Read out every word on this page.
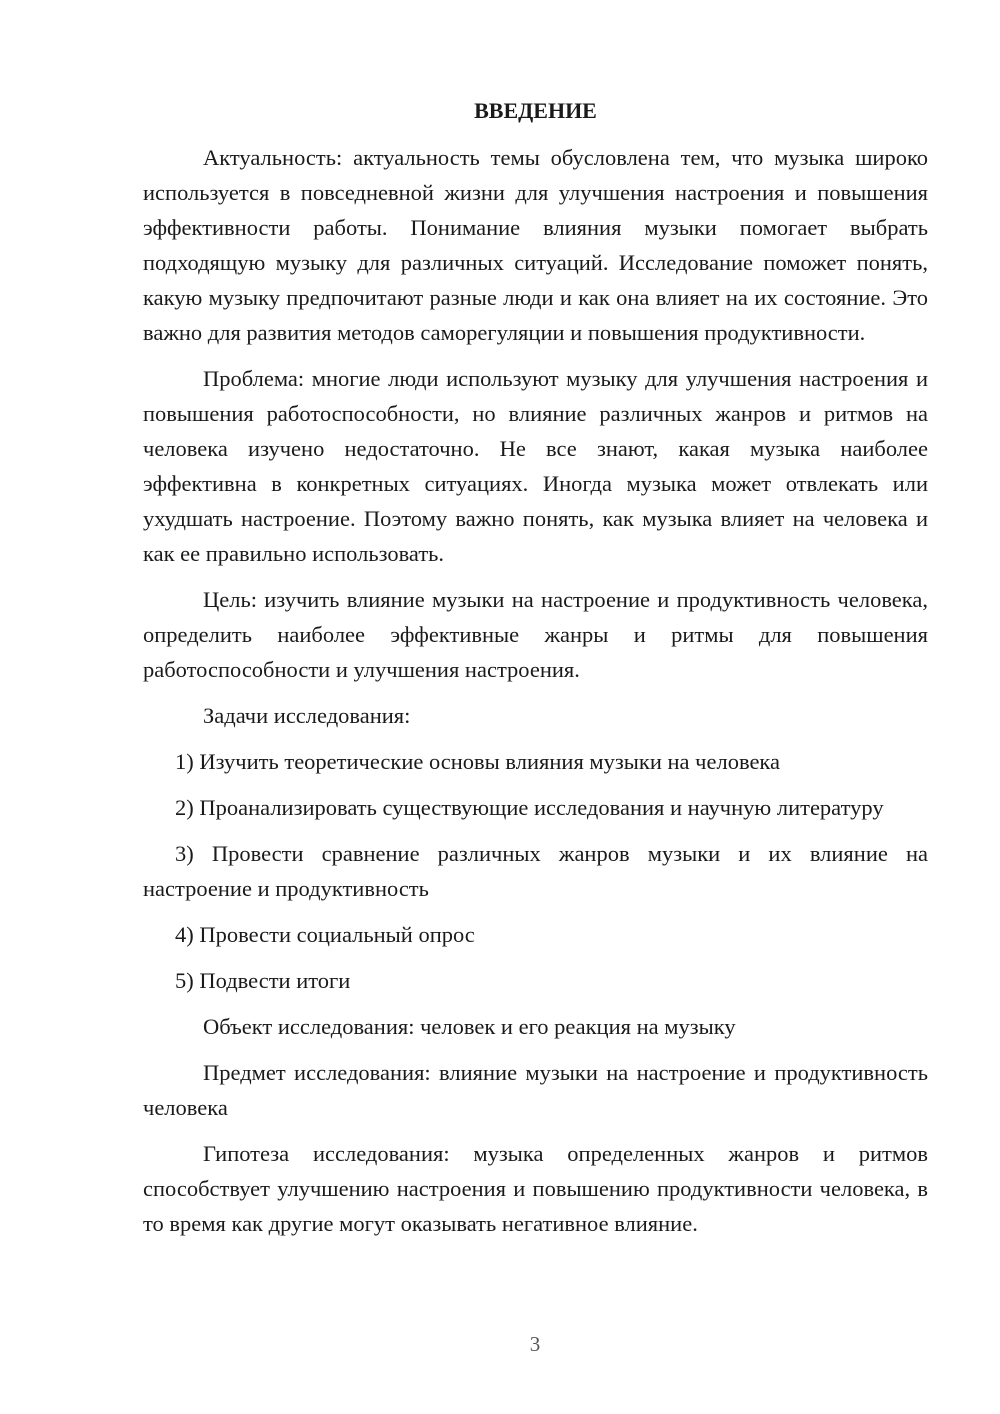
ВВЕДЕНИЕ

Актуальность: актуальность темы обусловлена тем, что музыка широко используется в повседневной жизни для улучшения настроения и повышения эффективности работы. Понимание влияния музыки помогает выбрать подходящую музыку для различных ситуаций. Исследование поможет понять, какую музыку предпочитают разные люди и как она влияет на их состояние. Это важно для развития методов саморегуляции и повышения продуктивности.

Проблема: многие люди используют музыку для улучшения настроения и повышения работоспособности, но влияние различных жанров и ритмов на человека изучено недостаточно. Не все знают, какая музыка наиболее эффективна в конкретных ситуациях. Иногда музыка может отвлекать или ухудшать настроение. Поэтому важно понять, как музыка влияет на человека и как ее правильно использовать.

Цель: изучить влияние музыки на настроение и продуктивность человека, определить наиболее эффективные жанры и ритмы для повышения работоспособности и улучшения настроения.

Задачи исследования:

1) Изучить теоретические основы влияния музыки на человека

2) Проанализировать существующие исследования и научную литературу

3) Провести сравнение различных жанров музыки и их влияние на настроение и продуктивность

4) Провести социальный опрос

5) Подвести итоги

Объект исследования: человек и его реакция на музыку

Предмет исследования: влияние музыки на настроение и продуктивность человека

Гипотеза исследования: музыка определенных жанров и ритмов способствует улучшению настроения и повышению продуктивности человека, в то время как другие могут оказывать негативное влияние.

3
